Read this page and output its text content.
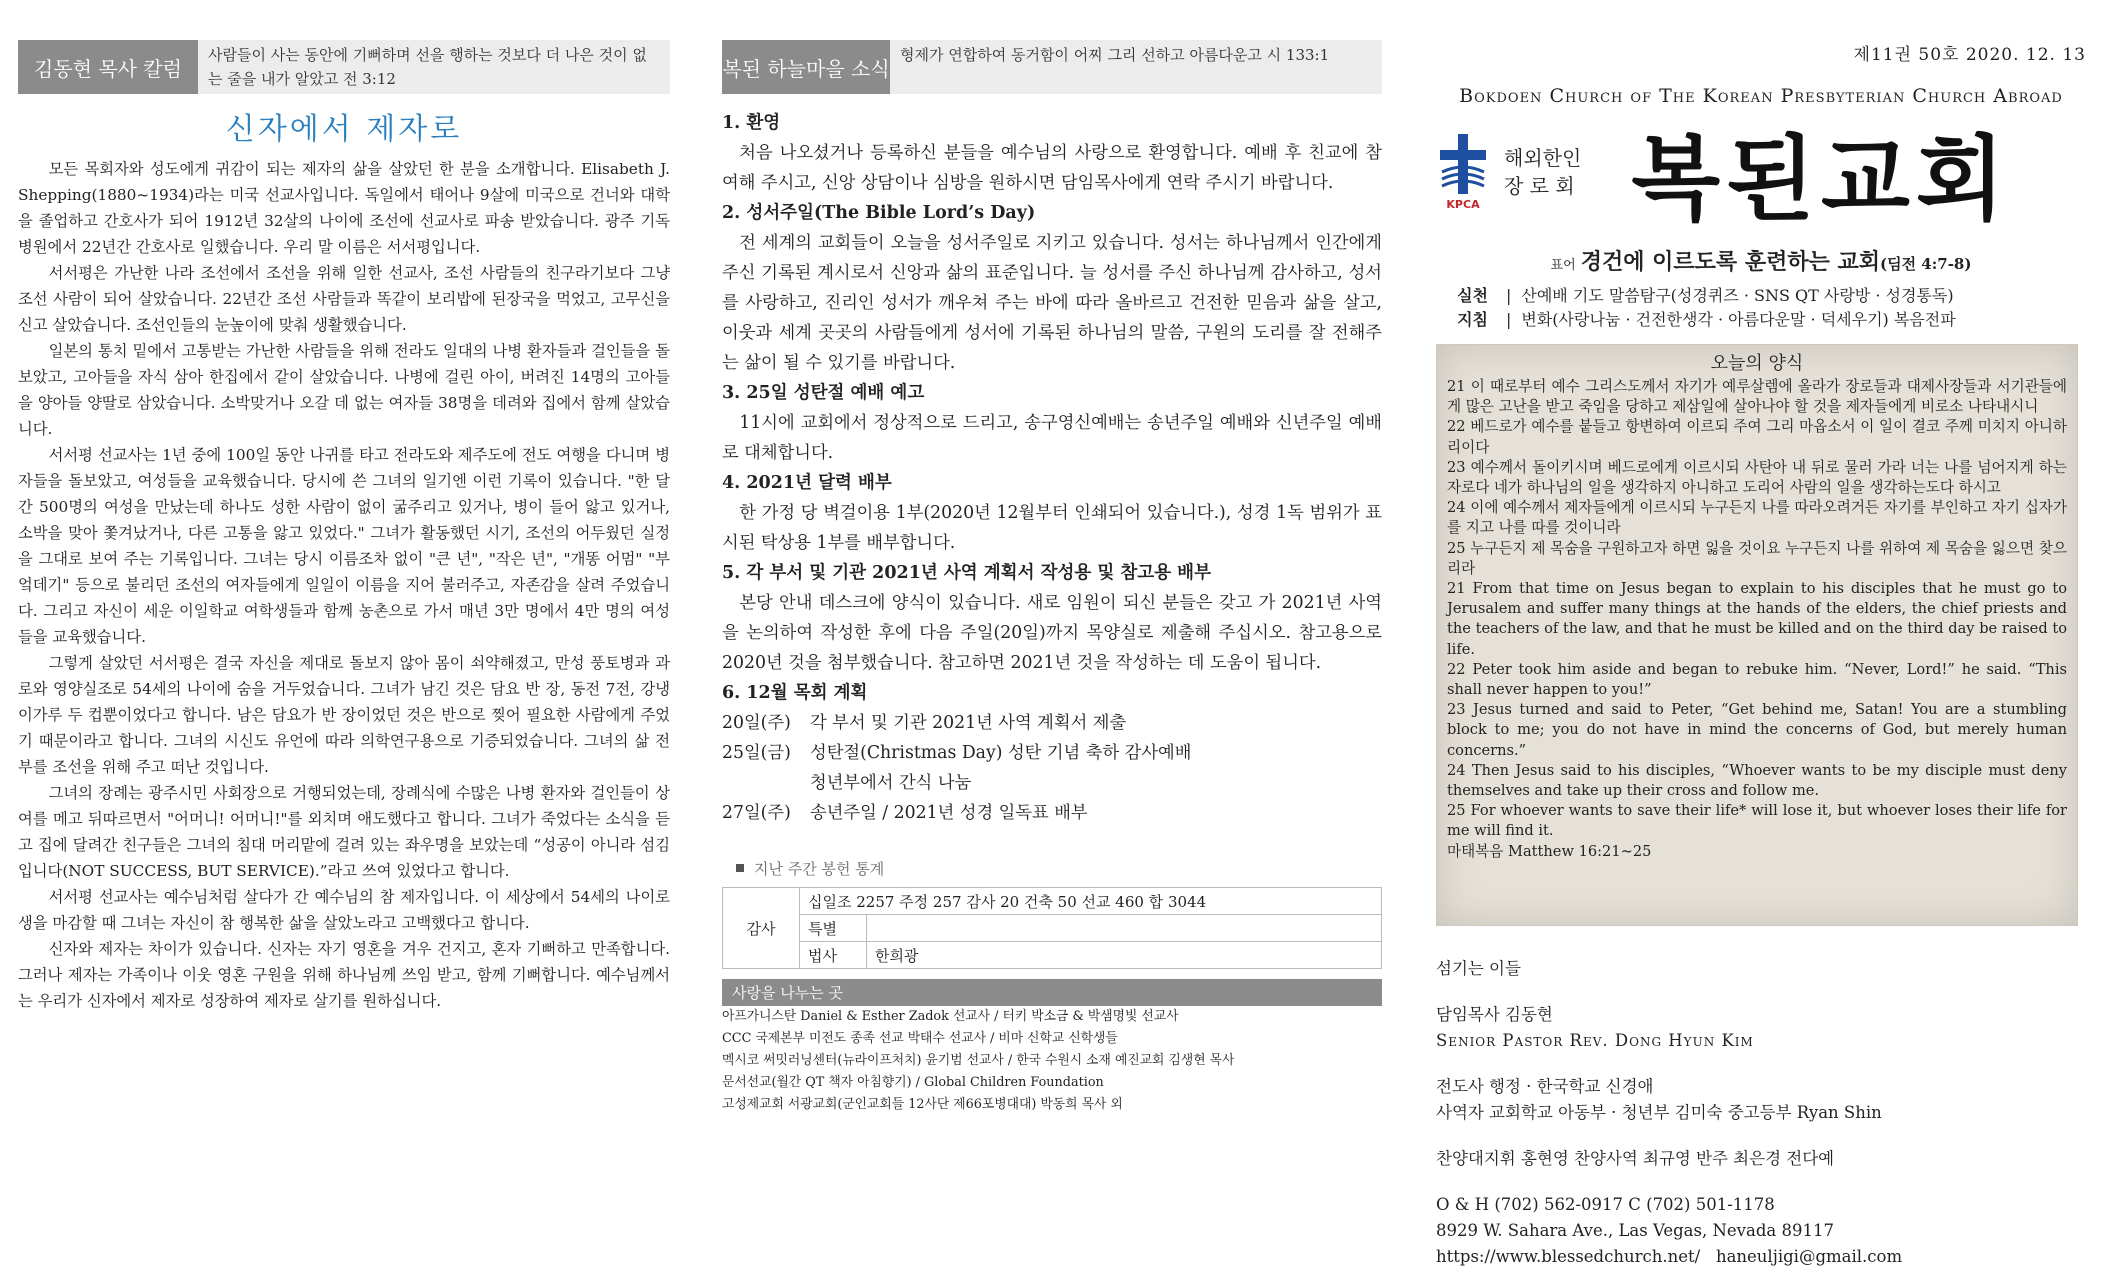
김동현 목사 칼럼
사람들이 사는 동안에 기뻐하며 선을 행하는 것보다 더 나은 것이 없는 줄을 내가 알았고 전 3:12
신자에서 제자로

모든 목회자와 성도에게 귀감이 되는 제자의 삶을 살았던 한 분을 소개합니다. Elisabeth J. Shepping(1880~1934)라는 미국 선교사입니다. 독일에서 태어나 9살에 미국으로 건너와 대학을 졸업하고 간호사가 되어 1912년 32살의 나이에 조선에 선교사로 파송 받았습니다. 광주 기독병원에서 22년간 간호사로 일했습니다. 우리 말 이름은 서서평입니다.

서서평은 가난한 나라 조선에서 조선을 위해 일한 선교사, 조선 사람들의 친구라기보다 그냥 조선 사람이 되어 살았습니다. 22년간 조선 사람들과 똑같이 보리밥에 된장국을 먹었고, 고무신을 신고 살았습니다. 조선인들의 눈높이에 맞춰 생활했습니다.

일본의 통치 밑에서 고통받는 가난한 사람들을 위해 전라도 일대의 나병 환자들과 걸인들을 돌보았고, 고아들을 자식 삼아 한집에서 같이 살았습니다. 나병에 걸린 아이, 버려진 14명의 고아들을 양아들 양딸로 삼았습니다. 소박맞거나 오갈 데 없는 여자들 38명을 데려와 집에서 함께 살았습니다.

서서평 선교사는 1년 중에 100일 동안 나귀를 타고 전라도와 제주도에 전도 여행을 다니며 병자들을 돌보았고, 여성들을 교육했습니다. 당시에 쓴 그녀의 일기엔 이런 기록이 있습니다. "한 달간 500명의 여성을 만났는데 하나도 성한 사람이 없이 굶주리고 있거나, 병이 들어 앓고 있거나, 소박을 맞아 쫓겨났거나, 다른 고통을 앓고 있었다." 그녀가 활동했던 시기, 조선의 어두웠던 실정을 그대로 보여 주는 기록입니다. 그녀는 당시 이름조차 없이 "큰 년", "작은 년", "개똥 어멈" "부엌데기" 등으로 불리던 조선의 여자들에게 일일이 이름을 지어 불러주고, 자존감을 살려 주었습니다. 그리고 자신이 세운 이일학교 여학생들과 함께 농촌으로 가서 매년 3만 명에서 4만 명의 여성들을 교육했습니다.

그렇게 살았던 서서평은 결국 자신을 제대로 돌보지 않아 몸이 쇠약해졌고, 만성 풍토병과 과로와 영양실조로 54세의 나이에 숨을 거두었습니다. 그녀가 남긴 것은 담요 반 장, 동전 7전, 강냉이가루 두 컵뿐이었다고 합니다. 남은 담요가 반 장이었던 것은 반으로 찢어 필요한 사람에게 주었기 때문이라고 합니다. 그녀의 시신도 유언에 따라 의학연구용으로 기증되었습니다. 그녀의 삶 전부를 조선을 위해 주고 떠난 것입니다.

그녀의 장례는 광주시민 사회장으로 거행되었는데, 장례식에 수많은 나병 환자와 걸인들이 상여를 메고 뒤따르면서 "어머니! 어머니!"를 외치며 애도했다고 합니다. 그녀가 죽었다는 소식을 듣고 집에 달려간 친구들은 그녀의 침대 머리맡에 걸려 있는 좌우명을 보았는데 “성공이 아니라 섬김입니다(NOT SUCCESS, BUT SERVICE).”라고 쓰여 있었다고 합니다.

서서평 선교사는 예수님처럼 살다가 간 예수님의 참 제자입니다. 이 세상에서 54세의 나이로 생을 마감할 때 그녀는 자신이 참 행복한 삶을 살았노라고 고백했다고 합니다.

신자와 제자는 차이가 있습니다. 신자는 자기 영혼을 겨우 건지고, 혼자 기뻐하고 만족합니다. 그러나 제자는 가족이나 이웃 영혼 구원을 위해 하나님께 쓰임 받고, 함께 기뻐합니다. 예수님께서는 우리가 신자에서 제자로 성장하여 제자로 살기를 원하십니다.

복된 하늘마을 소식
형제가 연합하여 동거함이 어찌 그리 선하고 아름다운고 시 133:1
1. 환영

처음 나오셨거나 등록하신 분들을 예수님의 사랑으로 환영합니다. 예배 후 친교에 참여해 주시고, 신앙 상담이나 심방을 원하시면 담임목사에게 연락 주시기 바랍니다.

2. 성서주일(The Bible Lord’s Day)

전 세계의 교회들이 오늘을 성서주일로 지키고 있습니다. 성서는 하나님께서 인간에게 주신 기록된 계시로서 신앙과 삶의 표준입니다. 늘 성서를 주신 하나님께 감사하고, 성서를 사랑하고, 진리인 성서가 깨우쳐 주는 바에 따라 올바르고 건전한 믿음과 삶을 살고, 이웃과 세계 곳곳의 사람들에게 성서에 기록된 하나님의 말씀, 구원의 도리를 잘 전해주는 삶이 될 수 있기를 바랍니다.

3. 25일 성탄절 예배 예고

11시에 교회에서 정상적으로 드리고, 송구영신예배는 송년주일 예배와 신년주일 예배로 대체합니다.

4. 2021년 달력 배부

한 가정 당 벽걸이용 1부(2020년 12월부터 인쇄되어 있습니다.), 성경 1독 범위가 표시된 탁상용 1부를 배부합니다.

5. 각 부서 및 기관 2021년 사역 계획서 작성용 및 참고용 배부

본당 안내 데스크에 양식이 있습니다. 새로 임원이 되신 분들은 갖고 가 2021년 사역을 논의하여 작성한 후에 다음 주일(20일)까지 목양실로 제출해 주십시오. 참고용으로 2020년 것을 첨부했습니다. 참고하면 2021년 것을 작성하는 데 도움이 됩니다.

6. 12월 목회 계획
20일(주)	각 부서 및 기관 2021년 사역 계획서 제출
25일(금)	성탄절(Christmas Day) 성탄 기념 축하 감사예배
청년부에서 간식 나눔
27일(주)	송년주일 / 2021년 성경 일독표 배부
지난 주간 봉헌 통계
감사	십일조 2257 주정 257 감사 20 건축 50 선교 460 합 3044	
	특별	
	법사	한희광
사랑을 나누는 곳

아프가니스탄 Daniel & Esther Zadok 선교사 / 터키 박소금 & 박샘명빛 선교사

CCC 국제본부 미전도 종족 선교 박태수 선교사 / 비마 신학교 신학생들

멕시코 써밋러닝센터(뉴라이프처치) 윤기범 선교사 / 한국 수원시 소재 예진교회 김생현 목사

문서선교(월간 QT 책자 아침향기) / Global Children Foundation

고성제교회 서광교회(군인교회들 12사단 제66포병대대) 박동희 목사 외

제11권 50호 2020. 12. 13
Bokdoen Church of The Korean Presbyterian Church Abroad
KPCA
해외한인
장 로 회 복된교회
표어 경건에 이르도록 훈련하는 교회(딤전 4:7-8)
실천 | 산예배 기도 말씀탐구(성경퀴즈 · SNS QT 사랑방 · 성경통독)
지침 | 변화(사랑나눔 · 건전한생각 · 아름다운말 · 덕세우기) 복음전파
오늘의 양식

21 이 때로부터 예수 그리스도께서 자기가 예루살렘에 올라가 장로들과 대제사장들과 서기관들에게 많은 고난을 받고 죽임을 당하고 제삼일에 살아나야 할 것을 제자들에게 비로소 나타내시니

22 베드로가 예수를 붙들고 항변하여 이르되 주여 그리 마옵소서 이 일이 결코 주께 미치지 아니하리이다

23 예수께서 돌이키시며 베드로에게 이르시되 사탄아 내 뒤로 물러 가라 너는 나를 넘어지게 하는 자로다 네가 하나님의 일을 생각하지 아니하고 도리어 사람의 일을 생각하는도다 하시고

24 이에 예수께서 제자들에게 이르시되 누구든지 나를 따라오려거든 자기를 부인하고 자기 십자가를 지고 나를 따를 것이니라

25 누구든지 제 목숨을 구원하고자 하면 잃을 것이요 누구든지 나를 위하여 제 목숨을 잃으면 찾으리라

21 From that time on Jesus began to explain to his disciples that he must go to Jerusalem and suffer many things at the hands of the elders, the chief priests and the teachers of the law, and that he must be killed and on the third day be raised to life.

22 Peter took him aside and began to rebuke him. “Never, Lord!” he said. “This shall never happen to you!”

23 Jesus turned and said to Peter, “Get behind me, Satan! You are a stumbling block to me; you do not have in mind the concerns of God, but merely human concerns.”

24 Then Jesus said to his disciples, “Whoever wants to be my disciple must deny themselves and take up their cross and follow me.

25 For whoever wants to save their life* will lose it, but whoever loses their life for me will find it.

마태복음 Matthew 16:21~25

섬기는 이들
담임목사 김동현
Senior Pastor Rev. Dong Hyun Kim
전도사 행정 · 한국학교 신경애
사역자 교회학교 아동부 · 청년부 김미숙 중고등부 Ryan Shin
찬양대지휘 홍현영 찬양사역 최규영 반주 최은경 전다예
O & H (702) 562-0917 C (702) 501-1178
8929 W. Sahara Ave., Las Vegas, Nevada 89117
https://www.blessedchurch.net/ haneuljigi@gmail.com
